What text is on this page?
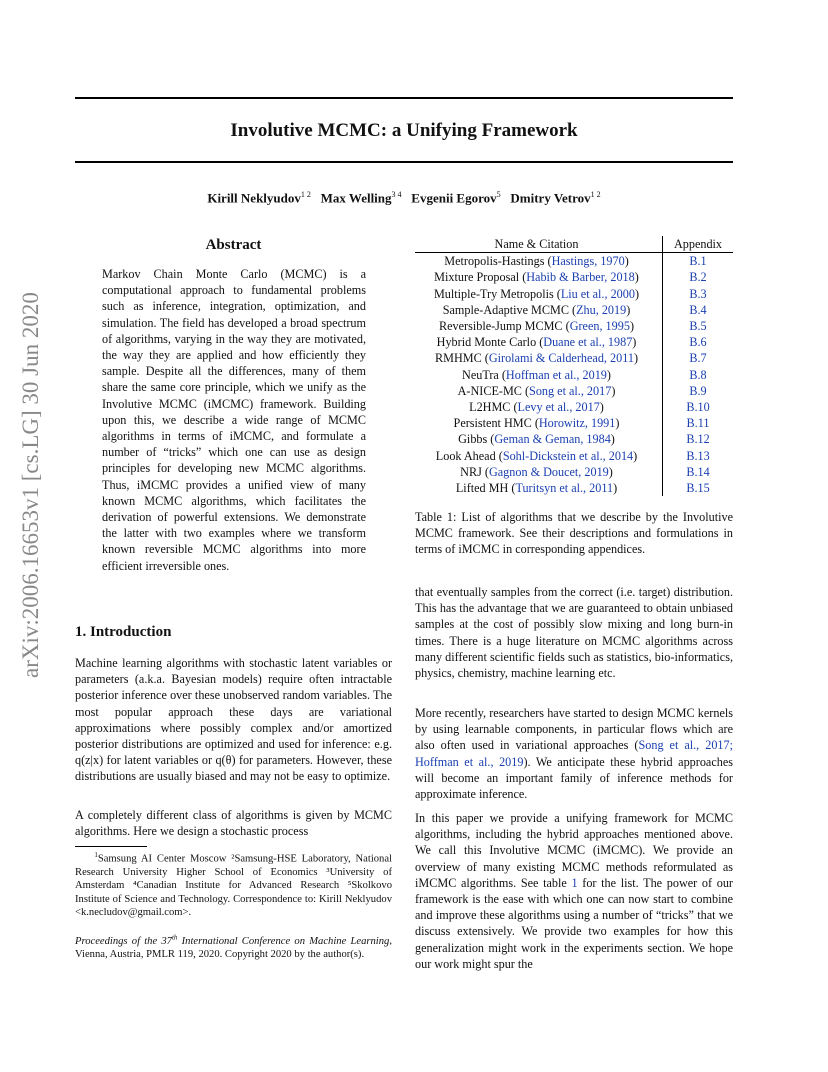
arXiv:2006.16653v1 [cs.LG] 30 Jun 2020
Involutive MCMC: a Unifying Framework
Kirill Neklyudov$^{1 2}$ Max Welling$^{3 4}$ Evgenii Egorov$^5$ Dmitry Vetrov$^{1 2}$
Abstract
Markov Chain Monte Carlo (MCMC) is a computational approach to fundamental problems such as inference, integration, optimization, and simulation. The field has developed a broad spectrum of algorithms, varying in the way they are motivated, the way they are applied and how efficiently they sample. Despite all the differences, many of them share the same core principle, which we unify as the Involutive MCMC (iMCMC) framework. Building upon this, we describe a wide range of MCMC algorithms in terms of iMCMC, and formulate a number of “tricks” which one can use as design principles for developing new MCMC algorithms. Thus, iMCMC provides a unified view of many known MCMC algorithms, which facilitates the derivation of powerful extensions. We demonstrate the latter with two examples where we transform known reversible MCMC algorithms into more efficient irreversible ones.
1. Introduction

Machine learning algorithms with stochastic latent variables or parameters (a.k.a. Bayesian models) require often intractable posterior inference over these unobserved random variables. The most popular approach these days are variational approximations where possibly complex and/or amortized posterior distributions are optimized and used for inference: e.g. q(z|x) for latent variables or q(θ) for parameters. However, these distributions are usually biased and may not be easy to optimize.

A completely different class of algorithms is given by MCMC algorithms. Here we design a stochastic process

$^1$Samsung AI Center Moscow ²Samsung-HSE Laboratory, National Research University Higher School of Economics ³University of Amsterdam ⁴Canadian Institute for Advanced Research ⁵Skolkovo Institute of Science and Technology. Correspondence to: Kirill Neklyudov <k.necludov@gmail.com>.
Proceedings of the 37th International Conference on Machine Learning, Vienna, Austria, PMLR 119, 2020. Copyright 2020 by the author(s).
Name & Citation	Appendix
Metropolis-Hastings (Hastings, 1970)	B.1
Mixture Proposal (Habib & Barber, 2018)	B.2
Multiple-Try Metropolis (Liu et al., 2000)	B.3
Sample-Adaptive MCMC (Zhu, 2019)	B.4
Reversible-Jump MCMC (Green, 1995)	B.5
Hybrid Monte Carlo (Duane et al., 1987)	B.6
RMHMC (Girolami & Calderhead, 2011)	B.7
NeuTra (Hoffman et al., 2019)	B.8
A-NICE-MC (Song et al., 2017)	B.9
L2HMC (Levy et al., 2017)	B.10
Persistent HMC (Horowitz, 1991)	B.11
Gibbs (Geman & Geman, 1984)	B.12
Look Ahead (Sohl-Dickstein et al., 2014)	B.13
NRJ (Gagnon & Doucet, 2019)	B.14
Lifted MH (Turitsyn et al., 2011)	B.15
Table 1: List of algorithms that we describe by the Involutive MCMC framework. See their descriptions and formulations in terms of iMCMC in corresponding appendices.

that eventually samples from the correct (i.e. target) distribution. This has the advantage that we are guaranteed to obtain unbiased samples at the cost of possibly slow mixing and long burn-in times. There is a huge literature on MCMC algorithms across many different scientific fields such as statistics, bio-informatics, physics, chemistry, machine learning etc.

More recently, researchers have started to design MCMC kernels by using learnable components, in particular flows which are also often used in variational approaches (Song et al., 2017; Hoffman et al., 2019). We anticipate these hybrid approaches will become an important family of inference methods for approximate inference.

In this paper we provide a unifying framework for MCMC algorithms, including the hybrid approaches mentioned above. We call this Involutive MCMC (iMCMC). We provide an overview of many existing MCMC methods reformulated as iMCMC algorithms. See table 1 for the list. The power of our framework is the ease with which one can now start to combine and improve these algorithms using a number of “tricks” that we discuss extensively. We provide two examples for how this generalization might work in the experiments section. We hope our work might spur the
